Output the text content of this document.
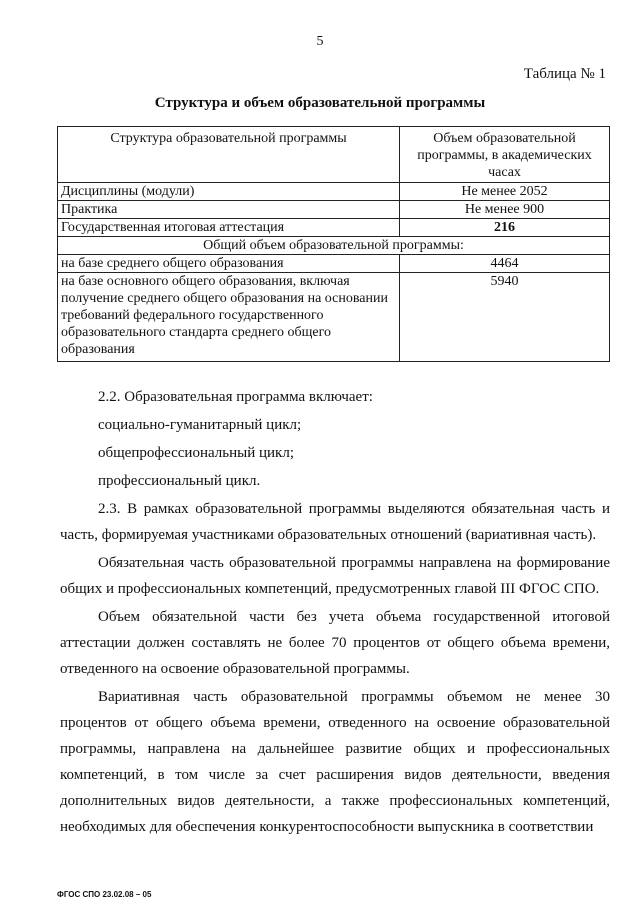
5
Таблица № 1
Структура и объем образовательной программы
Структура образовательной программы	Объем образовательной программы, в академических часах
Дисциплины (модули)	Не менее 2052
Практика	Не менее 900
Государственная итоговая аттестация	216
Общий объем образовательной программы:	
на базе среднего общего образования	4464
на базе основного общего образования, включая получение среднего общего образования на основании требований федерального государственного образовательного стандарта среднего общего образования	5940

2.2. Образовательная программа включает:

социально-гуманитарный цикл;

общепрофессиональный цикл;

профессиональный цикл.

2.3. В рамках образовательной программы выделяются обязательная часть и часть, формируемая участниками образовательных отношений (вариативная часть).

Обязательная часть образовательной программы направлена на формирование общих и профессиональных компетенций, предусмотренных главой III ФГОС СПО.

Объем обязательной части без учета объема государственной итоговой аттестации должен составлять не более 70 процентов от общего объема времени, отведенного на освоение образовательной программы.

Вариативная часть образовательной программы объемом не менее 30 процентов от общего объема времени, отведенного на освоение образовательной программы, направлена на дальнейшее развитие общих и профессиональных компетенций, в том числе за счет расширения видов деятельности, введения дополнительных видов деятельности, а также профессиональных компетенций, необходимых для обеспечения конкурентоспособности выпускника в соответствии

ФГОС СПО 23.02.08 – 05
